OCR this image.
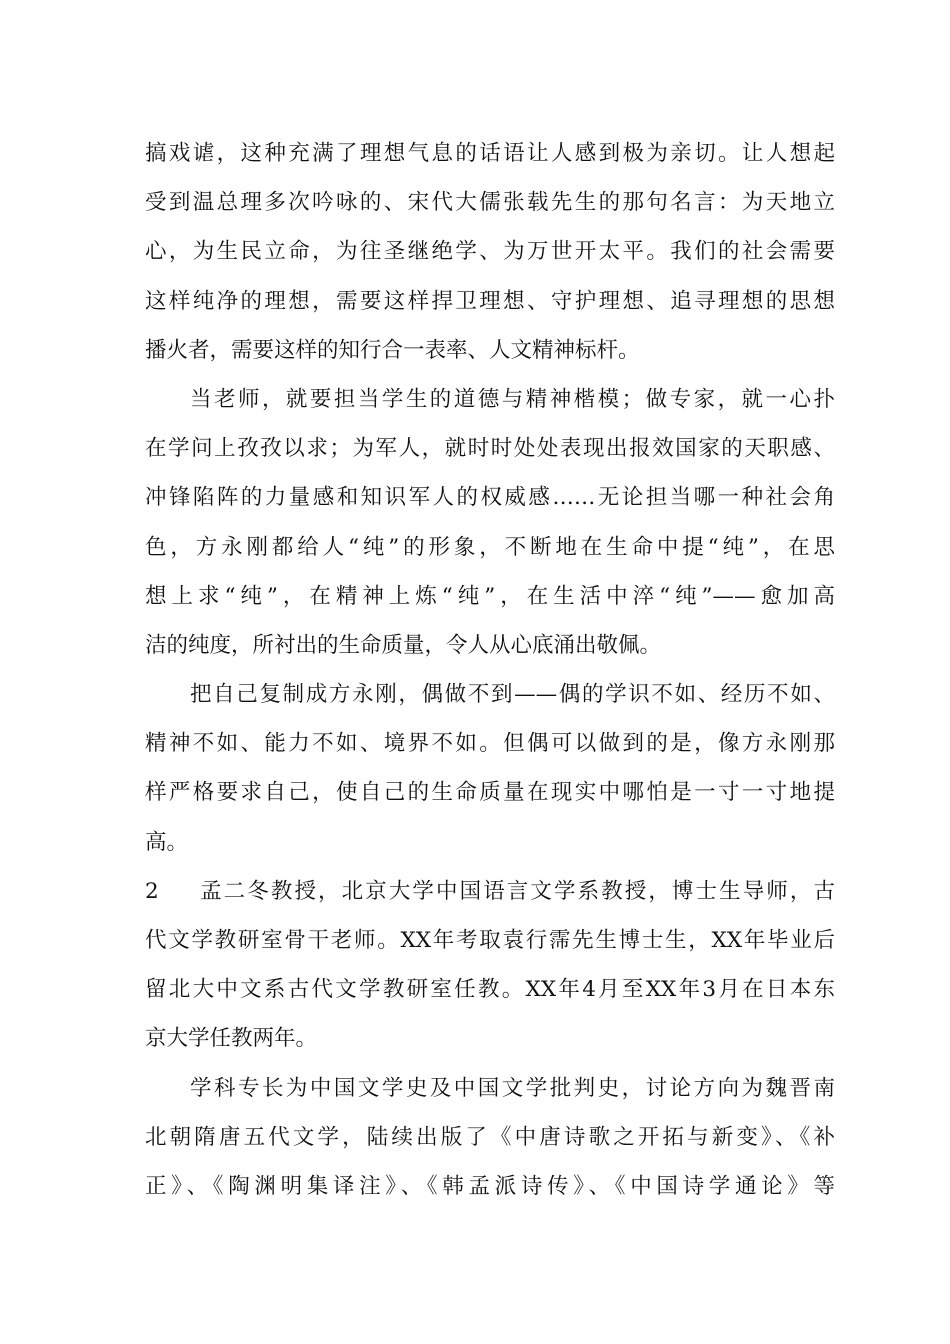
搞戏谑，这种充满了理想气息的话语让人感到极为亲切。让人想起
受到温总理多次吟咏的、宋代大儒张载先生的那句名言：为天地立
心，为生民立命，为往圣继绝学、为万世开太平。我们的社会需要
这样纯净的理想，需要这样捍卫理想、守护理想、追寻理想的思想
播火者，需要这样的知行合一表率、人文精神标杆。
当老师，就要担当学生的道德与精神楷模；做专家，就一心扑
在学问上孜孜以求；为军人，就时时处处表现出报效国家的天职感、
冲锋陷阵的力量感和知识军人的权威感……无论担当哪一种社会角
色，方永刚都给人“纯”的形象，不断地在生命中提“纯”，在思
想上求“纯”，在精神上炼“纯”，在生活中淬“纯”——愈加高
洁的纯度，所衬出的生命质量，令人从心底涌出敬佩。
把自己复制成方永刚，偶做不到——偶的学识不如、经历不如、
精神不如、能力不如、境界不如。但偶可以做到的是，像方永刚那
样严格要求自己，使自己的生命质量在现实中哪怕是一寸一寸地提
高。
2 孟二冬教授，北京大学中国语言文学系教授，博士生导师，古
代文学教研室骨干老师。XX年考取袁行霈先生博士生，XX年毕业后
留北大中文系古代文学教研室任教。XX年4月至XX年3月在日本东
京大学任教两年。
学科专长为中国文学史及中国文学批判史，讨论方向为魏晋南
北朝隋唐五代文学，陆续出版了《中唐诗歌之开拓与新变》、《补
正》、《陶渊明集译注》、《韩孟派诗传》、《中国诗学通论》等
